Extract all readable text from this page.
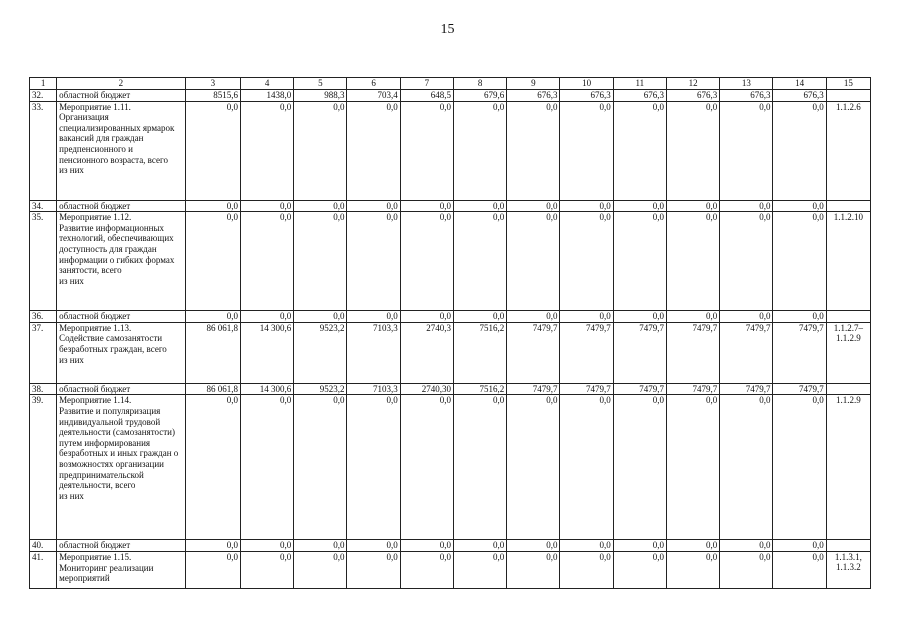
15
1	2	3	4	5	6	7	8	9	10	11	12	13	14	15
32.	областной бюджет	8515,6	1438,0	988,3	703,4	648,5	679,6	676,3	676,3	676,3	676,3	676,3	676,3	
33.	Мероприятие 1.11.
Организация специализированных ярмарок вакансий для граждан предпенсионного и пенсионного возраста, всего
из них	0,0	0,0	0,0	0,0	0,0	0,0	0,0	0,0	0,0	0,0	0,0	0,0	1.1.2.6
34.	областной бюджет	0,0	0,0	0,0	0,0	0,0	0,0	0,0	0,0	0,0	0,0	0,0	0,0	
35.	Мероприятие 1.12.
Развитие информационных технологий, обеспечивающих доступность для граждан информации о гибких формах занятости, всего
из них	0,0	0,0	0,0	0,0	0,0	0,0	0,0	0,0	0,0	0,0	0,0	0,0	1.1.2.10
36.	областной бюджет	0,0	0,0	0,0	0,0	0,0	0,0	0,0	0,0	0,0	0,0	0,0	0,0	
37.	Мероприятие 1.13.
Содействие самозанятости безработных граждан, всего
из них	86 061,8	14 300,6	9523,2	7103,3	2740,3	7516,2	7479,7	7479,7	7479,7	7479,7	7479,7	7479,7	1.1.2.7–
1.1.2.9
38.	областной бюджет	86 061,8	14 300,6	9523,2	7103,3	2740,30	7516,2	7479,7	7479,7	7479,7	7479,7	7479,7	7479,7	
39.	Мероприятие 1.14.
Развитие и популяризация индивидуальной трудовой деятельности (самозанятости) путем информирования безработных и иных граждан о возможностях организации предпринимательской деятельности, всего
из них	0,0	0,0	0,0	0,0	0,0	0,0	0,0	0,0	0,0	0,0	0,0	0,0	1.1.2.9
40.	областной бюджет	0,0	0,0	0,0	0,0	0,0	0,0	0,0	0,0	0,0	0,0	0,0	0,0	
41.	Мероприятие 1.15.
Мониторинг реализации мероприятий	0,0	0,0	0,0	0,0	0,0	0,0	0,0	0,0	0,0	0,0	0,0	0,0	1.1.3.1,
1.1.3.2
